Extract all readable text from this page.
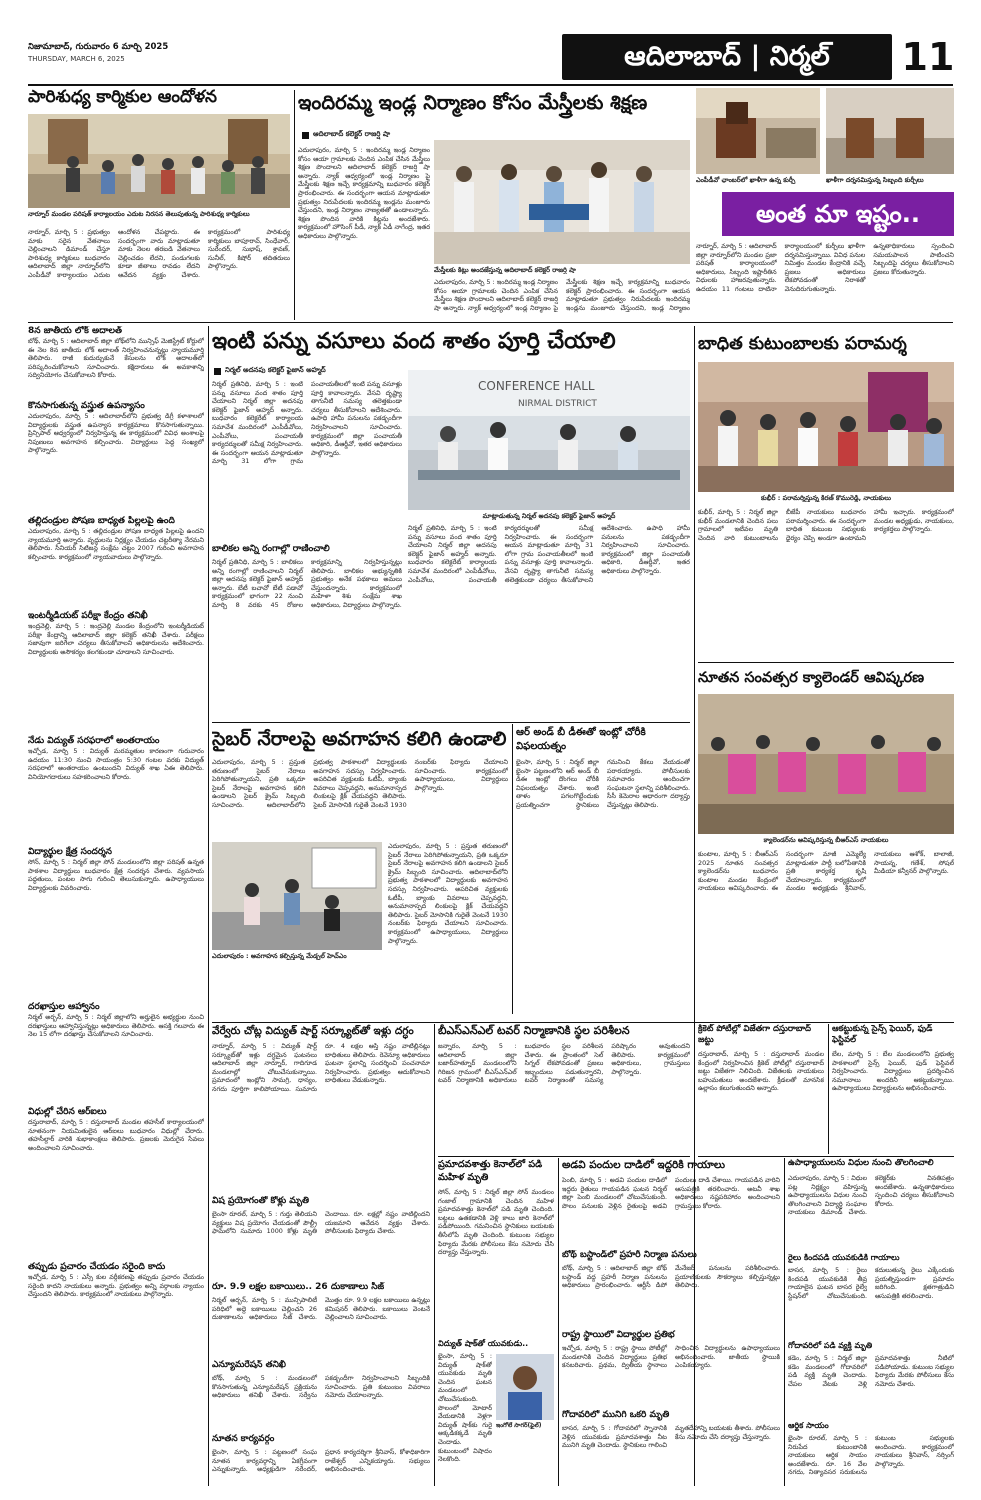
నిజామాబాద్, గురువారం 6 మార్చి 2025
THURSDAY, MARCH 6, 2025	ఆదిలాబాద్ | నిర్మల్	11
పారిశుధ్య కార్మికుల ఆందోళన
నార్నూర్ మండల పరిషత్ కార్యాలయం ఎదుట నిరసన తెలుపుతున్న పారిశుధ్య కార్మికులు
నార్నూర్, మార్చి 5 : ప్రభుత్వం మాకు సరైన వేతనాలు చెల్లించాలని డిమాండ్ చేస్తూ పారిశుధ్య కార్మికులు బుధవారం ఆదిలాబాద్ జిల్లా నార్నూర్‌లోని ఎంపీడీవో కార్యాలయం ఎదుట ఆందోళన చేపట్టారు. ఈ సందర్భంగా వారు మాట్లాడుతూ మాకు నెలల తరబడి వేతనాలు చెల్లించడం లేదని, పండుగలకు కూడా జీతాలు రావడం లేదని ఆవేదన వ్యక్తం చేశారు. కార్యక్రమంలో పారిశుధ్య కార్మికులు బాపూరావ్, సింధేవార్, సురేందర్, సుభాష్, శ్రావణ్, సునీల్, కిషోర్ తదితరులు పాల్గొన్నారు.
ఇందిరమ్మ ఇండ్ల నిర్మాణం కోసం మేస్త్రీలకు శిక్షణ
ఆదిలాబాద్ కలెక్టర్ రాజర్షి షా
ఎదులాపురం, మార్చి 5 : ఇందిరమ్మ ఇండ్ల నిర్మాణం కోసం ఆయా గ్రామాలకు చెందిన ఎంపిక చేసిన మేస్త్రీలు శిక్షణ పొందాలని ఆదిలాబాద్ కలెక్టర్ రాజర్షి షా అన్నారు. న్యాక్ ఆధ్వర్యంలో ఇండ్ల నిర్మాణం పై మేస్త్రీలకు శిక్షణ ఇచ్చే కార్యక్రమాన్ని బుధవారం కలెక్టర్ ప్రారంభించారు. ఈ సందర్భంగా ఆయన మాట్లాడుతూ ప్రభుత్వం నిరుపేదలకు ఇందిరమ్మ ఇండ్లను మంజూరు చేస్తుందని, ఇండ్ల నిర్మాణం నాణ్యతతో ఉండాలన్నారు. శిక్షణ పొందిన వారికి కిట్లను అందజేశారు. కార్యక్రమంలో హౌసింగ్ పీడీ, న్యాక్ ఏడీ నాగేంద్ర, ఇతర అధికారులు పాల్గొన్నారు.
మేస్త్రీలకు కిట్లు అందజేస్తున్న ఆదిలాబాద్ కలెక్టర్ రాజర్షి షా
ఎదులాపురం, మార్చి 5 : ఇందిరమ్మ ఇండ్ల నిర్మాణం కోసం ఆయా గ్రామాలకు చెందిన ఎంపిక చేసిన మేస్త్రీలు శిక్షణ పొందాలని ఆదిలాబాద్ కలెక్టర్ రాజర్షి షా అన్నారు. న్యాక్ ఆధ్వర్యంలో ఇండ్ల నిర్మాణం పై మేస్త్రీలకు శిక్షణ ఇచ్చే కార్యక్రమాన్ని బుధవారం కలెక్టర్ ప్రారంభించారు. ఈ సందర్భంగా ఆయన మాట్లాడుతూ ప్రభుత్వం నిరుపేదలకు ఇందిరమ్మ ఇండ్లను మంజూరు చేస్తుందని, ఇండ్ల నిర్మాణం
ఎంపీడీవో ఛాంబర్‌లో ఖాళీగా ఉన్న కుర్చీ	ఖాళీగా దర్శనమిస్తున్న సిబ్బంది కుర్చీలు
అంత మా ఇష్టం..
నార్నూర్, మార్చి 5 : ఆదిలాబాద్ జిల్లా నార్నూర్‌లోని మండల ప్రజా పరిషత్ కార్యాలయంలో అధికారులు, సిబ్బంది ఇష్టారీతిన విధులకు హాజరవుతున్నారు. ఉదయం 11 గంటలు దాటినా కార్యాలయంలో కుర్చీలు ఖాళీగా దర్శనమిస్తున్నాయి. వివిధ పనుల నిమిత్తం మండల కేంద్రానికి వచ్చే ప్రజలు అధికారులు లేకపోవడంతో నిరాశతో వెనుదిరుగుతున్నారు. ఉన్నతాధికారులు స్పందించి సమయపాలన పాటించని సిబ్బందిపై చర్యలు తీసుకోవాలని ప్రజలు కోరుతున్నారు.
8న జాతీయ లోక్ అదాలత్
బోథ్, మార్చి 5 : ఆదిలాబాద్ జిల్లా బోథ్‌లోని మున్సిఫ్ మెజిస్ట్రేట్ కోర్టులో ఈ నెల 8న జాతీయ లోక్ అదాలత్ నిర్వహించనున్నట్లు న్యాయమూర్తి తెలిపారు. రాజీ కుదుర్చుకునే కేసులను లోక్ అదాలత్‌లో పరిష్కరించుకోవాలని సూచించారు. కక్షిదారులు ఈ అవకాశాన్ని సద్వినియోగం చేసుకోవాలని కోరారు.
కొనసాగుతున్న వస్త్రుత ఉపన్యాసం
ఎదులాపురం, మార్చి 5 : ఆదిలాబాద్‌లోని ప్రభుత్వ డిగ్రీ కళాశాలలో విద్యార్థులకు వస్త్రుత ఉపన్యాస కార్యక్రమాలు కొనసాగుతున్నాయి. ప్రిన్సిపాల్ ఆధ్వర్యంలో నిర్వహిస్తున్న ఈ కార్యక్రమంలో వివిధ అంశాలపై నిపుణులు అవగాహన కల్పించారు. విద్యార్థులు పెద్ద సంఖ్యలో పాల్గొన్నారు.
తల్లిదండ్రుల పోషణ బాధ్యత పిల్లలపై ఉంది
ఎదులాపురం, మార్చి 5 : తల్లిదండ్రుల పోషణ బాధ్యత పిల్లలపై ఉందని న్యాయమూర్తి అన్నారు. వృద్ధులను నిర్లక్ష్యం చేయడం చట్టరీత్యా నేరమని తెలిపారు. సీనియర్ సిటిజన్ల సంక్షేమ చట్టం 2007 గురించి అవగాహన కల్పించారు. కార్యక్రమంలో న్యాయవాదులు పాల్గొన్నారు.
ఇంటర్మీడియట్ పరీక్షా కేంద్రం తనిఖీ
ఇంద్రవెల్లి, మార్చి 5 : ఇంద్రవెల్లి మండల కేంద్రంలోని ఇంటర్మీడియట్ పరీక్షా కేంద్రాన్ని ఆదిలాబాద్ జిల్లా కలెక్టర్ తనిఖీ చేశారు. పరీక్షలు సజావుగా జరిగేలా చర్యలు తీసుకోవాలని అధికారులను ఆదేశించారు. విద్యార్థులకు అసౌకర్యం కలగకుండా చూడాలని సూచించారు.
నేడు విద్యుత్ సరఫరాలో అంతరాయం
ఇచ్చోడ, మార్చి 5 : విద్యుత్ మరమ్మతుల కారణంగా గురువారం ఉదయం 11:30 నుంచి సాయంత్రం 5:30 గంటల వరకు విద్యుత్ సరఫరాలో అంతరాయం ఉంటుందని విద్యుత్ శాఖ ఏఈ తెలిపారు. వినియోగదారులు సహకరించాలని కోరారు.
విద్యార్థుల క్షేత్ర సందర్శన
సోన్, మార్చి 5 : నిర్మల్ జిల్లా సోన్ మండలంలోని జిల్లా పరిషత్ ఉన్నత పాఠశాల విద్యార్థులు బుధవారం క్షేత్ర సందర్శన చేశారు. వ్యవసాయ పద్ధతులు, పంటల సాగు గురించి తెలుసుకున్నారు. ఉపాధ్యాయులు విద్యార్థులకు వివరించారు.
దరఖాస్తుల ఆహ్వానం
నిర్మల్ అర్బన్, మార్చి 5 : నిర్మల్ జిల్లాలోని అర్హులైన అభ్యర్థుల నుంచి దరఖాస్తులు ఆహ్వానిస్తున్నట్లు అధికారులు తెలిపారు. ఆసక్తి గలవారు ఈ నెల 15 లోగా దరఖాస్తు చేసుకోవాలని సూచించారు.
విధుల్లో చేరిన ఆర్ఐలు
దస్తురాబాద్, మార్చి 5 : దస్తురాబాద్ మండల తహసీల్ కార్యాలయంలో నూతనంగా నియమితులైన ఆర్ఐలు బుధవారం విధుల్లో చేరారు. తహసీల్దార్ వారికి శుభాకాంక్షలు తెలిపారు. ప్రజలకు మెరుగైన సేవలు అందించాలని సూచించారు.
తప్పుడు ప్రచారం చేయడం సరైంది కాదు
ఇచ్చోడ, మార్చి 5 : ఎస్సీ కుల వర్గీకరణపై తప్పుడు ప్రచారం చేయడం సరైంది కాదని నాయకులు అన్నారు. ప్రభుత్వం అన్ని వర్గాలకు న్యాయం చేస్తుందని తెలిపారు. కార్యక్రమంలో నాయకులు పాల్గొన్నారు.
ఇంటి పన్ను వసూలు వంద శాతం పూర్తి చేయాలి
నిర్మల్ అదనపు కలెక్టర్ ఫైజాన్ అహ్మద్
నిర్మల్ ప్రతినిధి, మార్చి 5 : ఇంటి పన్ను వసూలు వంద శాతం పూర్తి చేయాలని నిర్మల్ జిల్లా అదనపు కలెక్టర్ ఫైజాన్ అహ్మద్ అన్నారు. బుధవారం కలెక్టరేట్ కార్యాలయ సమావేశ మందిరంలో ఎంపీడీవోలు, ఎంపీవోలు, పంచాయతీ కార్యదర్శులతో సమీక్ష నిర్వహించారు. ఈ సందర్భంగా ఆయన మాట్లాడుతూ మార్చి 31 లోగా గ్రామ పంచాయతీలలో ఇంటి పన్ను వసూళ్లు పూర్తి కావాలన్నారు. వేసవి దృష్ట్యా తాగునీటి సమస్య తలెత్తకుండా చర్యలు తీసుకోవాలని ఆదేశించారు. ఉపాధి హామీ పనులను పకడ్బందీగా నిర్వహించాలని సూచించారు. కార్యక్రమంలో జిల్లా పంచాయతీ అధికారి, డీఆర్డీవో, ఇతర అధికారులు పాల్గొన్నారు.
CONFERENCE HALL
NIRMAL DISTRICT
మాట్లాడుతున్న నిర్మల్ అదనపు కలెక్టర్ ఫైజాన్ అహ్మద్
నిర్మల్ ప్రతినిధి, మార్చి 5 : ఇంటి పన్ను వసూలు వంద శాతం పూర్తి చేయాలని నిర్మల్ జిల్లా అదనపు కలెక్టర్ ఫైజాన్ అహ్మద్ అన్నారు. బుధవారం కలెక్టరేట్ కార్యాలయ సమావేశ మందిరంలో ఎంపీడీవోలు, ఎంపీవోలు, పంచాయతీ కార్యదర్శులతో సమీక్ష నిర్వహించారు. ఈ సందర్భంగా ఆయన మాట్లాడుతూ మార్చి 31 లోగా గ్రామ పంచాయతీలలో ఇంటి పన్ను వసూళ్లు పూర్తి కావాలన్నారు. వేసవి దృష్ట్యా తాగునీటి సమస్య తలెత్తకుండా చర్యలు తీసుకోవాలని ఆదేశించారు. ఉపాధి హామీ పనులను పకడ్బందీగా నిర్వహించాలని సూచించారు. కార్యక్రమంలో జిల్లా పంచాయతీ అధికారి, డీఆర్డీవో, ఇతర అధికారులు పాల్గొన్నారు.
బాలికల అన్ని రంగాల్లో రాణించాలి
నిర్మల్ ప్రతినిధి, మార్చి 5 : బాలికలు అన్ని రంగాల్లో రాణించాలని నిర్మల్ జిల్లా అదనపు కలెక్టర్ ఫైజాన్ అహ్మద్ అన్నారు. బేటీ బచావో బేటీ పడావో కార్యక్రమంలో భాగంగా 22 నుంచి మార్చి 8 వరకు 45 రోజుల కార్యక్రమాన్ని నిర్వహిస్తున్నట్లు తెలిపారు. బాలికల అభ్యున్నతికి ప్రభుత్వం అనేక పథకాలు అమలు చేస్తుందన్నారు. కార్యక్రమంలో మహిళా శిశు సంక్షేమ శాఖ అధికారులు, విద్యార్థులు పాల్గొన్నారు.
బాధిత కుటుంబాలకు పరామర్శ
కుభీర్ : పరామర్శిస్తున్న కిరణ్ కొమురెడ్డి, నాయకులు
కుభీర్, మార్చి 5 : నిర్మల్ జిల్లా కుభీర్ మండలానికి చెందిన పలు గ్రామాలలో ఇటీవల మృతి చెందిన వారి కుటుంబాలను బీజేపీ నాయకులు బుధవారం పరామర్శించారు. ఈ సందర్భంగా బాధిత కుటుంబ సభ్యులకు ధైర్యం చెప్పి అండగా ఉంటామని హామీ ఇచ్చారు. కార్యక్రమంలో మండల అధ్యక్షుడు, నాయకులు, కార్యకర్తలు పాల్గొన్నారు.
సైబర్ నేరాలపై అవగాహన కలిగి ఉండాలి
ఎదులాపురం, మార్చి 5 : ప్రస్తుత తరుణంలో సైబర్ నేరాలు పెరిగిపోతున్నాయని, ప్రతి ఒక్కరూ సైబర్ నేరాలపై అవగాహన కలిగి ఉండాలని సైబర్ క్రైమ్ సిబ్బంది సూచించారు. ఆదిలాబాద్‌లోని ప్రభుత్వ పాఠశాలలో విద్యార్థులకు అవగాహన సదస్సు నిర్వహించారు. అపరిచిత వ్యక్తులకు ఓటీపీ, బ్యాంకు వివరాలు చెప్పవద్దని, అనుమానాస్పద లింకులపై క్లిక్ చేయవద్దని తెలిపారు. సైబర్ మోసానికి గురైతే వెంటనే 1930 నంబర్‌కు ఫిర్యాదు చేయాలని సూచించారు. కార్యక్రమంలో ఉపాధ్యాయులు, విద్యార్థులు పాల్గొన్నారు.
ఎదులాపురం, మార్చి 5 : ప్రస్తుత తరుణంలో సైబర్ నేరాలు పెరిగిపోతున్నాయని, ప్రతి ఒక్కరూ సైబర్ నేరాలపై అవగాహన కలిగి ఉండాలని సైబర్ క్రైమ్ సిబ్బంది సూచించారు. ఆదిలాబాద్‌లోని ప్రభుత్వ పాఠశాలలో విద్యార్థులకు అవగాహన సదస్సు నిర్వహించారు. అపరిచిత వ్యక్తులకు ఓటీపీ, బ్యాంకు వివరాలు చెప్పవద్దని, అనుమానాస్పద లింకులపై క్లిక్ చేయవద్దని తెలిపారు. సైబర్ మోసానికి గురైతే వెంటనే 1930 నంబర్‌కు ఫిర్యాదు చేయాలని సూచించారు. కార్యక్రమంలో ఉపాధ్యాయులు, విద్యార్థులు పాల్గొన్నారు.
ఎదులాపురం : అవగాహన కల్పిస్తున్న మేడ్చల్ హెచ్ఎం
ఆర్ అండ్ బీ డీఈతో ఇంట్లో చోరీకి విఫలయత్నం
భైంసా, మార్చి 5 : నిర్మల్ జిల్లా భైంసా పట్టణంలోని ఆర్ అండ్ బీ డీఈ ఇంట్లో దొంగలు చోరీకి విఫలయత్నం చేశారు. ఇంటి తాళం పగలగొట్టేందుకు ప్రయత్నించగా స్థానికులు గమనించి కేకలు వేయడంతో పరారయ్యారు. పోలీసులకు సమాచారం అందించగా సంఘటనా స్థలాన్ని పరిశీలించారు. సీసీ కెమెరాల ఆధారంగా దర్యాప్తు చేస్తున్నట్లు తెలిపారు.
నూతన సంవత్సర క్యాలెండర్ ఆవిష్కరణ
క్యాలెండర్‌ను ఆవిష్కరిస్తున్న బీఆర్ఎస్ నాయకులు
కుంటాల, మార్చి 5 : బీఆర్ఎస్ 2025 నూతన సంవత్సర క్యాలెండర్‌ను బుధవారం కుంటాల మండల కేంద్రంలో నాయకులు ఆవిష్కరించారు. ఈ సందర్భంగా మాజీ ఎమ్మెల్యే మాట్లాడుతూ పార్టీ బలోపేతానికి ప్రతి కార్యకర్త కృషి చేయాలన్నారు. కార్యక్రమంలో మండల అధ్యక్షుడు శ్రీనివాస్, నాయకులు ఆశోక్, బాలాజీ, సాయన్న, గణేశ్, సోషల్ మీడియా కన్వీనర్ పాల్గొన్నారు.
వేర్వేరు చోట్ల విద్యుత్ షార్ట్ సర్క్యూట్‌తో ఇళ్లు దగ్ధం
నార్నూర్, మార్చి 5 : విద్యుత్ షార్ట్ సర్క్యూట్‌తో ఇళ్లు దగ్ధమైన ఘటనలు ఆదిలాబాద్ జిల్లా నార్నూర్, గాదిగూడ మండలాల్లో చోటుచేసుకున్నాయి. ప్రమాదంలో ఇంట్లోని సామగ్రి, ధాన్యం, నగదు పూర్తిగా కాలిపోయాయి. సుమారు రూ. 4 లక్షల ఆస్తి నష్టం వాటిల్లినట్లు బాధితులు తెలిపారు. రెవెన్యూ అధికారులు ఘటనా స్థలాన్ని సందర్శించి పంచనామా నిర్వహించారు. ప్రభుత్వం ఆదుకోవాలని బాధితులు వేడుకున్నారు.
విష ప్రయోగంతో కోళ్లు మృతి
బైంసా రూరల్, మార్చి 5 : గుర్తు తెలియని వ్యక్తులు విష ప్రయోగం చేయడంతో పౌల్ట్రీ ఫామ్‌లోని సుమారు 1000 కోళ్లు మృతి చెందాయి. రూ. లక్షల్లో నష్టం వాటిల్లిందని యజమాని ఆవేదన వ్యక్తం చేశారు. పోలీసులకు ఫిర్యాదు చేశారు.
రూ. 9.9 లక్షల బకాయిలు.. 26 దుకాణాలు సీజ్
నిర్మల్ అర్బన్, మార్చి 5 : మున్సిపాలిటీ పరిధిలో అద్దె బకాయిలు చెల్లించని 26 దుకాణాలను అధికారులు సీజ్ చేశారు. మొత్తం రూ. 9.9 లక్షల బకాయిలు ఉన్నట్లు కమిషనర్ తెలిపారు. బకాయిలు వెంటనే చెల్లించాలని సూచించారు.
ఎన్యూమరేషన్ తనిఖీ
బోథ్, మార్చి 5 : మండలంలో కొనసాగుతున్న ఎన్యూమరేషన్ ప్రక్రియను అధికారులు తనిఖీ చేశారు. సర్వేను పకడ్బందీగా నిర్వహించాలని సిబ్బందికి సూచించారు. ప్రతి కుటుంబం వివరాలు నమోదు చేయాలన్నారు.
నూతన కార్యవర్గం
భైంసా, మార్చి 5 : పట్టణంలో సంఘ నూతన కార్యవర్గాన్ని ఏకగ్రీవంగా ఎన్నుకున్నారు. అధ్యక్షుడిగా నరేందర్, ప్రధాన కార్యదర్శిగా శ్రీనివాస్, కోశాధికారిగా రాజేశ్వర్ ఎన్నికయ్యారు. సభ్యులు అభినందించారు.
బీఎస్ఎన్ఎల్ టవర్ నిర్మాణానికి స్థల పరిశీలన
జన్నారం, మార్చి 5 : ఆదిలాబాద్ జిల్లా బజార్‌హత్నూర్ మండలంలోని గిరిజన గ్రామంలో బీఎస్ఎన్ఎల్ టవర్ నిర్మాణానికి అధికారులు బుధవారం స్థల పరిశీలన చేశారు. ఈ ప్రాంతంలో సెల్ సిగ్నల్ లేకపోవడంతో ప్రజలు ఇబ్బందులు పడుతున్నారని, టవర్ నిర్మాణంతో సమస్య పరిష్కారం అవుతుందని తెలిపారు. కార్యక్రమంలో అధికారులు, గ్రామస్తులు పాల్గొన్నారు.
ప్రమాదవశాత్తు కెనాల్‌లో పడి మహిళ మృతి
సోన్, మార్చి 5 : నిర్మల్ జిల్లా సోన్ మండలం గంజాల్ గ్రామానికి చెందిన మహిళ ప్రమాదవశాత్తు కెనాల్‌లో పడి మృతి చెందింది. బట్టలు ఉతకడానికి వెళ్లి కాలు జారి కెనాల్‌లో పడిపోయింది. గమనించిన స్థానికులు బయటకు తీసేలోపే మృతి చెందింది. కుటుంబ సభ్యుల ఫిర్యాదు మేరకు పోలీసులు కేసు నమోదు చేసి దర్యాప్తు చేస్తున్నారు.
విద్యుత్ షాక్‌తో యువకుడు..
భైంసా, మార్చి 5 : విద్యుత్ షాక్‌తో యువకుడు మృతి చెందిన ఘటన మండలంలో చోటుచేసుకుంది. పొలంలో మోటార్ వేయడానికి వెళ్లగా విద్యుత్ షాక్‌కు గురై అక్కడికక్కడే మృతి చెందాడు. కుటుంబంలో విషాదం నెలకొంది.
ఇంగోలే సాగర్(ఫైల్)
క్రికెట్ పోటీల్లో విజేతగా దస్తురాబాద్ జట్టు
దస్తురాబాద్, మార్చి 5 : దస్తురాబాద్ మండల కేంద్రంలో నిర్వహించిన క్రికెట్ పోటీల్లో దస్తురాబాద్ జట్టు విజేతగా నిలిచింది. విజేతలకు నాయకులు బహుమతులు అందజేశారు. క్రీడలతో మానసిక ఉల్లాసం కలుగుతుందని అన్నారు.
ఆకట్టుకున్న సైన్స్ ఫెయిర్, ఫుడ్ ఫెస్టివల్
బేల, మార్చి 5 : బేల మండలంలోని ప్రభుత్వ పాఠశాలలో సైన్స్ ఫెయిర్, ఫుడ్ ఫెస్టివల్ నిర్వహించారు. విద్యార్థులు ప్రదర్శించిన నమూనాలు అందరినీ ఆకట్టుకున్నాయి. ఉపాధ్యాయులు విద్యార్థులను అభినందించారు.
అడవి పందుల దాడిలో ఇద్దరికి గాయాలు
పెంబి, మార్చి 5 : అడవి పందుల దాడిలో ఇద్దరు రైతులు గాయపడిన ఘటన నిర్మల్ జిల్లా పెంబి మండలంలో చోటుచేసుకుంది. పొలం పనులకు వెళ్లిన రైతులపై అడవి పందులు దాడి చేశాయి. గాయపడిన వారిని ఆసుపత్రికి తరలించారు. అటవీ శాఖ అధికారులు నష్టపరిహారం అందించాలని గ్రామస్తులు కోరారు.
బోథ్ బస్టాండ్‌లో ప్రహరీ నిర్మాణ పనులు
బోథ్, మార్చి 5 : ఆదిలాబాద్ జిల్లా బోథ్ బస్టాండ్ వద్ద ప్రహరీ నిర్మాణ పనులను అధికారులు ప్రారంభించారు. ఆర్టీసీ డిపో మేనేజర్ పనులను పరిశీలించారు. ప్రయాణికులకు సౌకర్యాలు కల్పిస్తున్నట్లు తెలిపారు.
రాష్ట్ర స్థాయిలో విద్యార్థుల ప్రతిభ
ఇచ్చోడ, మార్చి 5 : రాష్ట్ర స్థాయి పోటీల్లో మండలానికి చెందిన విద్యార్థులు ప్రతిభ కనబరిచారు. ప్రథమ, ద్వితీయ స్థానాలు సాధించిన విద్యార్థులను ఉపాధ్యాయులు అభినందించారు. జాతీయ స్థాయికి ఎంపికయ్యారు.
గోదావరిలో మునిగి ఒకరి మృతి
బాసర, మార్చి 5 : గోదావరిలో స్నానానికి వెళ్లిన యువకుడు ప్రమాదవశాత్తు నీట మునిగి మృతి చెందాడు. స్థానికులు గాలించి మృతదేహాన్ని బయటకు తీశారు. పోలీసులు కేసు నమోదు చేసి దర్యాప్తు చేస్తున్నారు.
ఉపాధ్యాయులను విధుల నుంచి తొలగించాలి
ఎదులాపురం, మార్చి 5 : విధుల పట్ల నిర్లక్ష్యం వహిస్తున్న ఉపాధ్యాయులను విధుల నుంచి తొలగించాలని విద్యార్థి సంఘాల నాయకులు డిమాండ్ చేశారు. కలెక్టర్‌కు వినతిపత్రం అందజేశారు. ఉన్నతాధికారులు స్పందించి చర్యలు తీసుకోవాలని కోరారు.
రైలు కిందపడి యువకుడికి గాయాలు
బాసర, మార్చి 5 : రైలు కిందపడి యువకుడికి తీవ్ర గాయాలైన ఘటన బాసర రైల్వే స్టేషన్‌లో చోటుచేసుకుంది. కదులుతున్న రైలు ఎక్కేందుకు ప్రయత్నిస్తుండగా ప్రమాదం జరిగింది. క్షతగాత్రుడిని ఆసుపత్రికి తరలించారు.
గోదావరిలో పడి వ్యక్తి మృతి
కడెం, మార్చి 5 : నిర్మల్ జిల్లా కడెం మండలంలో గోదావరిలో పడి వ్యక్తి మృతి చెందాడు. చేపల వేటకు వెళ్లి ప్రమాదవశాత్తు నీటిలో పడిపోయాడు. కుటుంబ సభ్యుల ఫిర్యాదు మేరకు పోలీసులు కేసు నమోదు చేశారు.
ఆర్థిక సాయం
భైంసా రూరల్, మార్చి 5 : నిరుపేద కుటుంబానికి నాయకులు ఆర్థిక సాయం అందజేశారు. రూ. 16 వేల నగదు, నిత్యావసర సరుకులను కుటుంబ సభ్యులకు అందించారు. కార్యక్రమంలో నాయకులు శ్రీనివాస్, నర్సింగ్ పాల్గొన్నారు.
